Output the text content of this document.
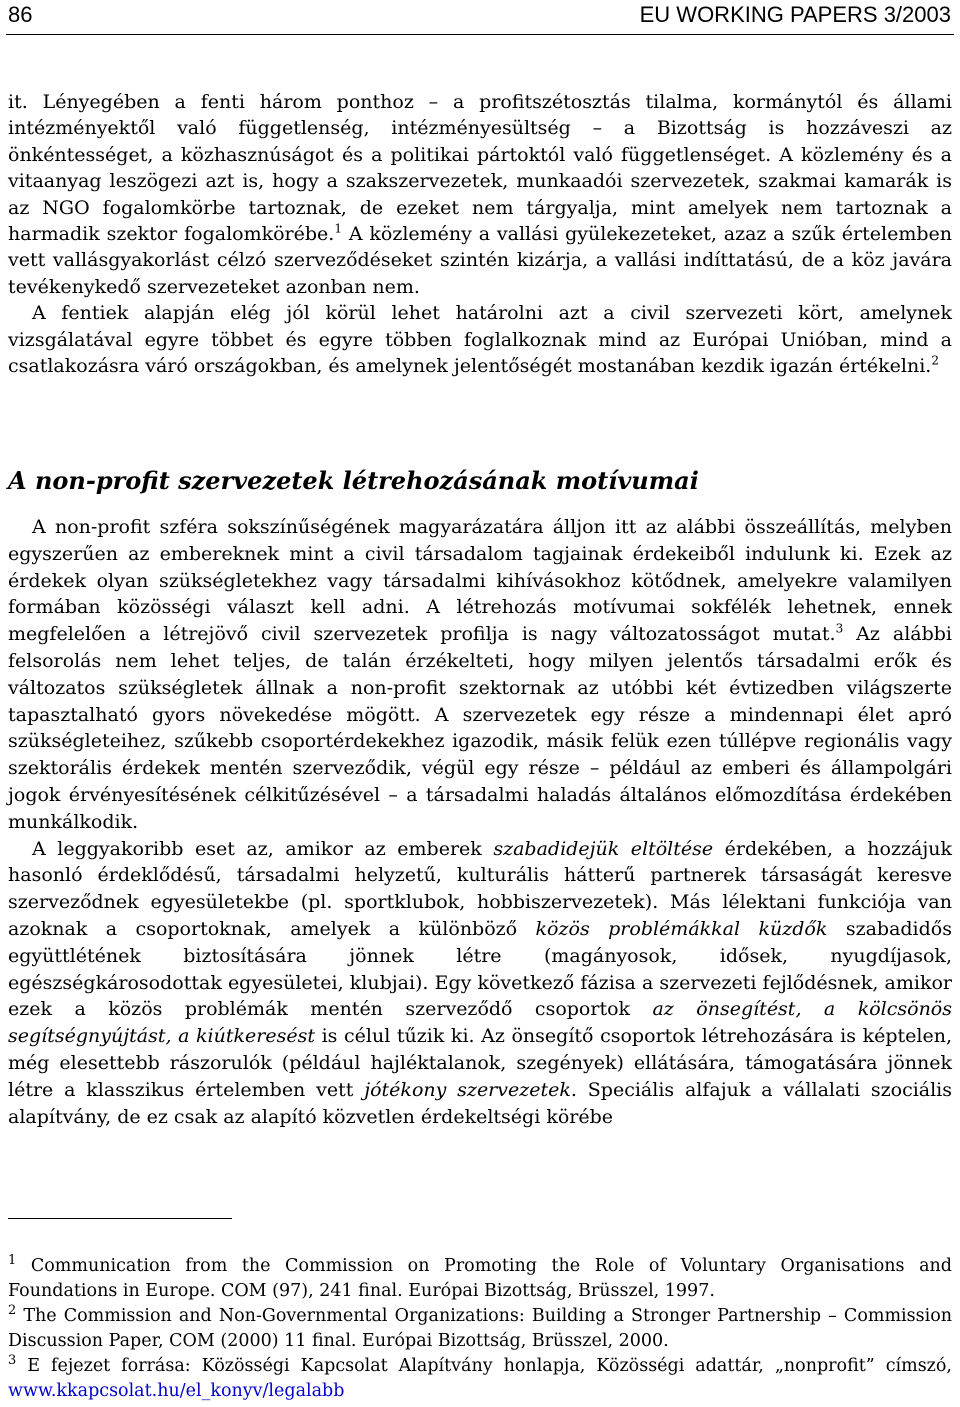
86	EU WORKING PAPERS 3/2003

it. Lényegében a fenti három ponthoz – a profitszétosztás tilalma, kormánytól és állami intézményektől való függetlenség, intézményesültség – a Bizottság is hozzáveszi az önkéntességet, a közhasznúságot és a politikai pártoktól való függetlenséget. A közlemény és a vitaanyag leszögezi azt is, hogy a szakszervezetek, munkaadói szervezetek, szakmai kamarák is az NGO fogalomkörbe tartoznak, de ezeket nem tárgyalja, mint amelyek nem tartoznak a harmadik szektor fogalomkörébe.$^1$ A közlemény a vallási gyülekezeteket, azaz a szűk értelemben vett vallásgyakorlást célzó szerveződéseket szintén kizárja, a vallási indíttatású, de a köz javára tevékenykedő szervezeteket azonban nem.

A fentiek alapján elég jól körül lehet határolni azt a civil szervezeti kört, amelynek vizsgálatával egyre többet és egyre többen foglalkoznak mind az Európai Unióban, mind a csatlakozásra váró országokban, és amelynek jelentőségét mostanában kezdik igazán értékelni.$^2$

A non-profit szervezetek létrehozásának motívumai

A non-profit szféra sokszínűségének magyarázatára álljon itt az alábbi összeállítás, melyben egyszerűen az embereknek mint a civil társadalom tagjainak érdekeiből indulunk ki. Ezek az érdekek olyan szükségletekhez vagy társadalmi kihívásokhoz kötődnek, amelyekre valamilyen formában közösségi választ kell adni. A létrehozás motívumai sokfélék lehetnek, ennek megfelelően a létrejövő civil szervezetek profilja is nagy változatosságot mutat.$^3$ Az alábbi felsorolás nem lehet teljes, de talán érzékelteti, hogy milyen jelentős társadalmi erők és változatos szükségletek állnak a non-profit szektornak az utóbbi két évtizedben világszerte tapasztalható gyors növekedése mögött. A szervezetek egy része a mindennapi élet apró szükségleteihez, szűkebb csoportérdekekhez igazodik, másik felük ezen túllépve regionális vagy szektorális érdekek mentén szerveződik, végül egy része – például az emberi és állampolgári jogok érvényesítésének célkitűzésével – a társadalmi haladás általános előmozdítása érdekében munkálkodik.

A leggyakoribb eset az, amikor az emberek szabadidejük eltöltése érdekében, a hozzájuk hasonló érdeklődésű, társadalmi helyzetű, kulturális hátterű partnerek társaságát keresve szerveződnek egyesületekbe (pl. sportklubok, hobbiszervezetek). Más lélektani funkciója van azoknak a csoportoknak, amelyek a különböző közös problémákkal küzdők szabadidős együttlétének biztosítására jönnek létre (magányosok, idősek, nyugdíjasok, egészségkárosodottak egyesületei, klubjai). Egy következő fázisa a szervezeti fejlődésnek, amikor ezek a közös problémák mentén szerveződő csoportok az önsegítést, a kölcsönös segítségnyújtást, a kiútkeresést is célul tűzik ki. Az önsegítő csoportok létrehozására is képtelen, még elesettebb rászorulók (például hajléktalanok, szegények) ellátására, támogatására jönnek létre a klasszikus értelemben vett jótékony szervezetek. Speciális alfajuk a vállalati szociális alapítvány, de ez csak az alapító közvetlen érdekeltségi körébe

$^1$ Communication from the Commission on Promoting the Role of Voluntary Organisations and Foundations in Europe. COM (97), 241 final. Európai Bizottság, Brüsszel, 1997.

$^2$ The Commission and Non-Governmental Organizations: Building a Stronger Partnership – Commission Discussion Paper, COM (2000) 11 final. Európai Bizottság, Brüsszel, 2000.

$^3$ E fejezet forrása: Közösségi Kapcsolat Alapítvány honlapja, Közösségi adattár, „nonprofit” címszó, www.kkapcsolat.hu/el_konyv/legalabb
